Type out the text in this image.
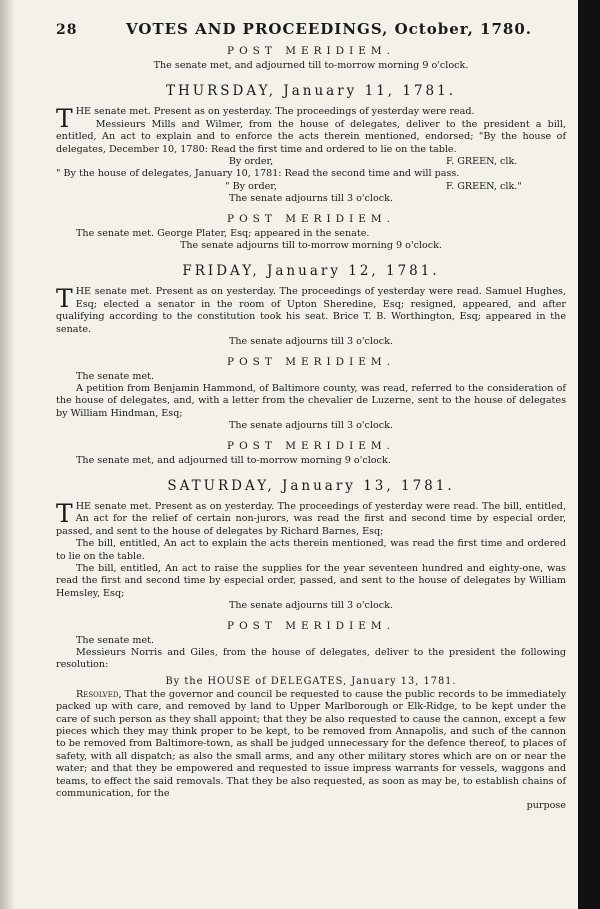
28	VOTES AND PROCEEDINGS, October, 1780.
POST MERIDIEM.

The senate met, and adjourned till to-morrow morning 9 o'clock.

THURSDAY, January 11, 1781.

THE senate met. Present as on yesterday. The proceedings of yesterday were read.

Messieurs Mills and Wilmer, from the house of delegates, deliver to the president a bill, entitled, An act to explain and to enforce the acts therein mentioned, endorsed; "By the house of delegates, December 10, 1780: Read the first time and ordered to lie on the table.

By order,	F. GREEN, clk.

" By the house of delegates, January 10, 1781: Read the second time and will pass.

" By order,	F. GREEN, clk."

The senate adjourns till 3 o'clock.

POST MERIDIEM.

The senate met. George Plater, Esq; appeared in the senate.

The senate adjourns till to-morrow morning 9 o'clock.

FRIDAY, January 12, 1781.

THE senate met. Present as on yesterday. The proceedings of yesterday were read. Samuel Hughes, Esq; elected a senator in the room of Upton Sheredine, Esq; resigned, appeared, and after qualifying according to the constitution took his seat. Brice T. B. Worthington, Esq; appeared in the senate.

The senate adjourns till 3 o'clock.

POST MERIDIEM.

The senate met.

A petition from Benjamin Hammond, of Baltimore county, was read, referred to the consideration of the house of delegates, and, with a letter from the chevalier de Luzerne, sent to the house of delegates by William Hindman, Esq;

The senate adjourns till 3 o'clock.

POST MERIDIEM.

The senate met, and adjourned till to-morrow morning 9 o'clock.

SATURDAY, January 13, 1781.

THE senate met. Present as on yesterday. The proceedings of yesterday were read. The bill, entitled, An act for the relief of certain non-jurors, was read the first and second time by especial order, passed, and sent to the house of delegates by Richard Barnes, Esq;

The bill, entitled, An act to explain the acts therein mentioned, was read the first time and ordered to lie on the table.

The bill, entitled, An act to raise the supplies for the year seventeen hundred and eighty-one, was read the first and second time by especial order, passed, and sent to the house of delegates by William Hemsley, Esq;

The senate adjourns till 3 o'clock.

POST MERIDIEM.

The senate met.

Messieurs Norris and Giles, from the house of delegates, deliver to the president the following resolution:

By the HOUSE of DELEGATES, January 13, 1781.

Resolved, That the governor and council be requested to cause the public records to be immediately packed up with care, and removed by land to Upper Marlborough or Elk-Ridge, to be kept under the care of such person as they shall appoint; that they be also requested to cause the cannon, except a few pieces which they may think proper to be kept, to be removed from Annapolis, and such of the cannon to be removed from Baltimore-town, as shall be judged unnecessary for the defence thereof, to places of safety, with all dispatch; as also the small arms, and any other military stores which are on or near the water; and that they be empowered and requested to issue impress warrants for vessels, waggons and teams, to effect the said removals. That they be also requested, as soon as may be, to establish chains of communication, for the

purpose
